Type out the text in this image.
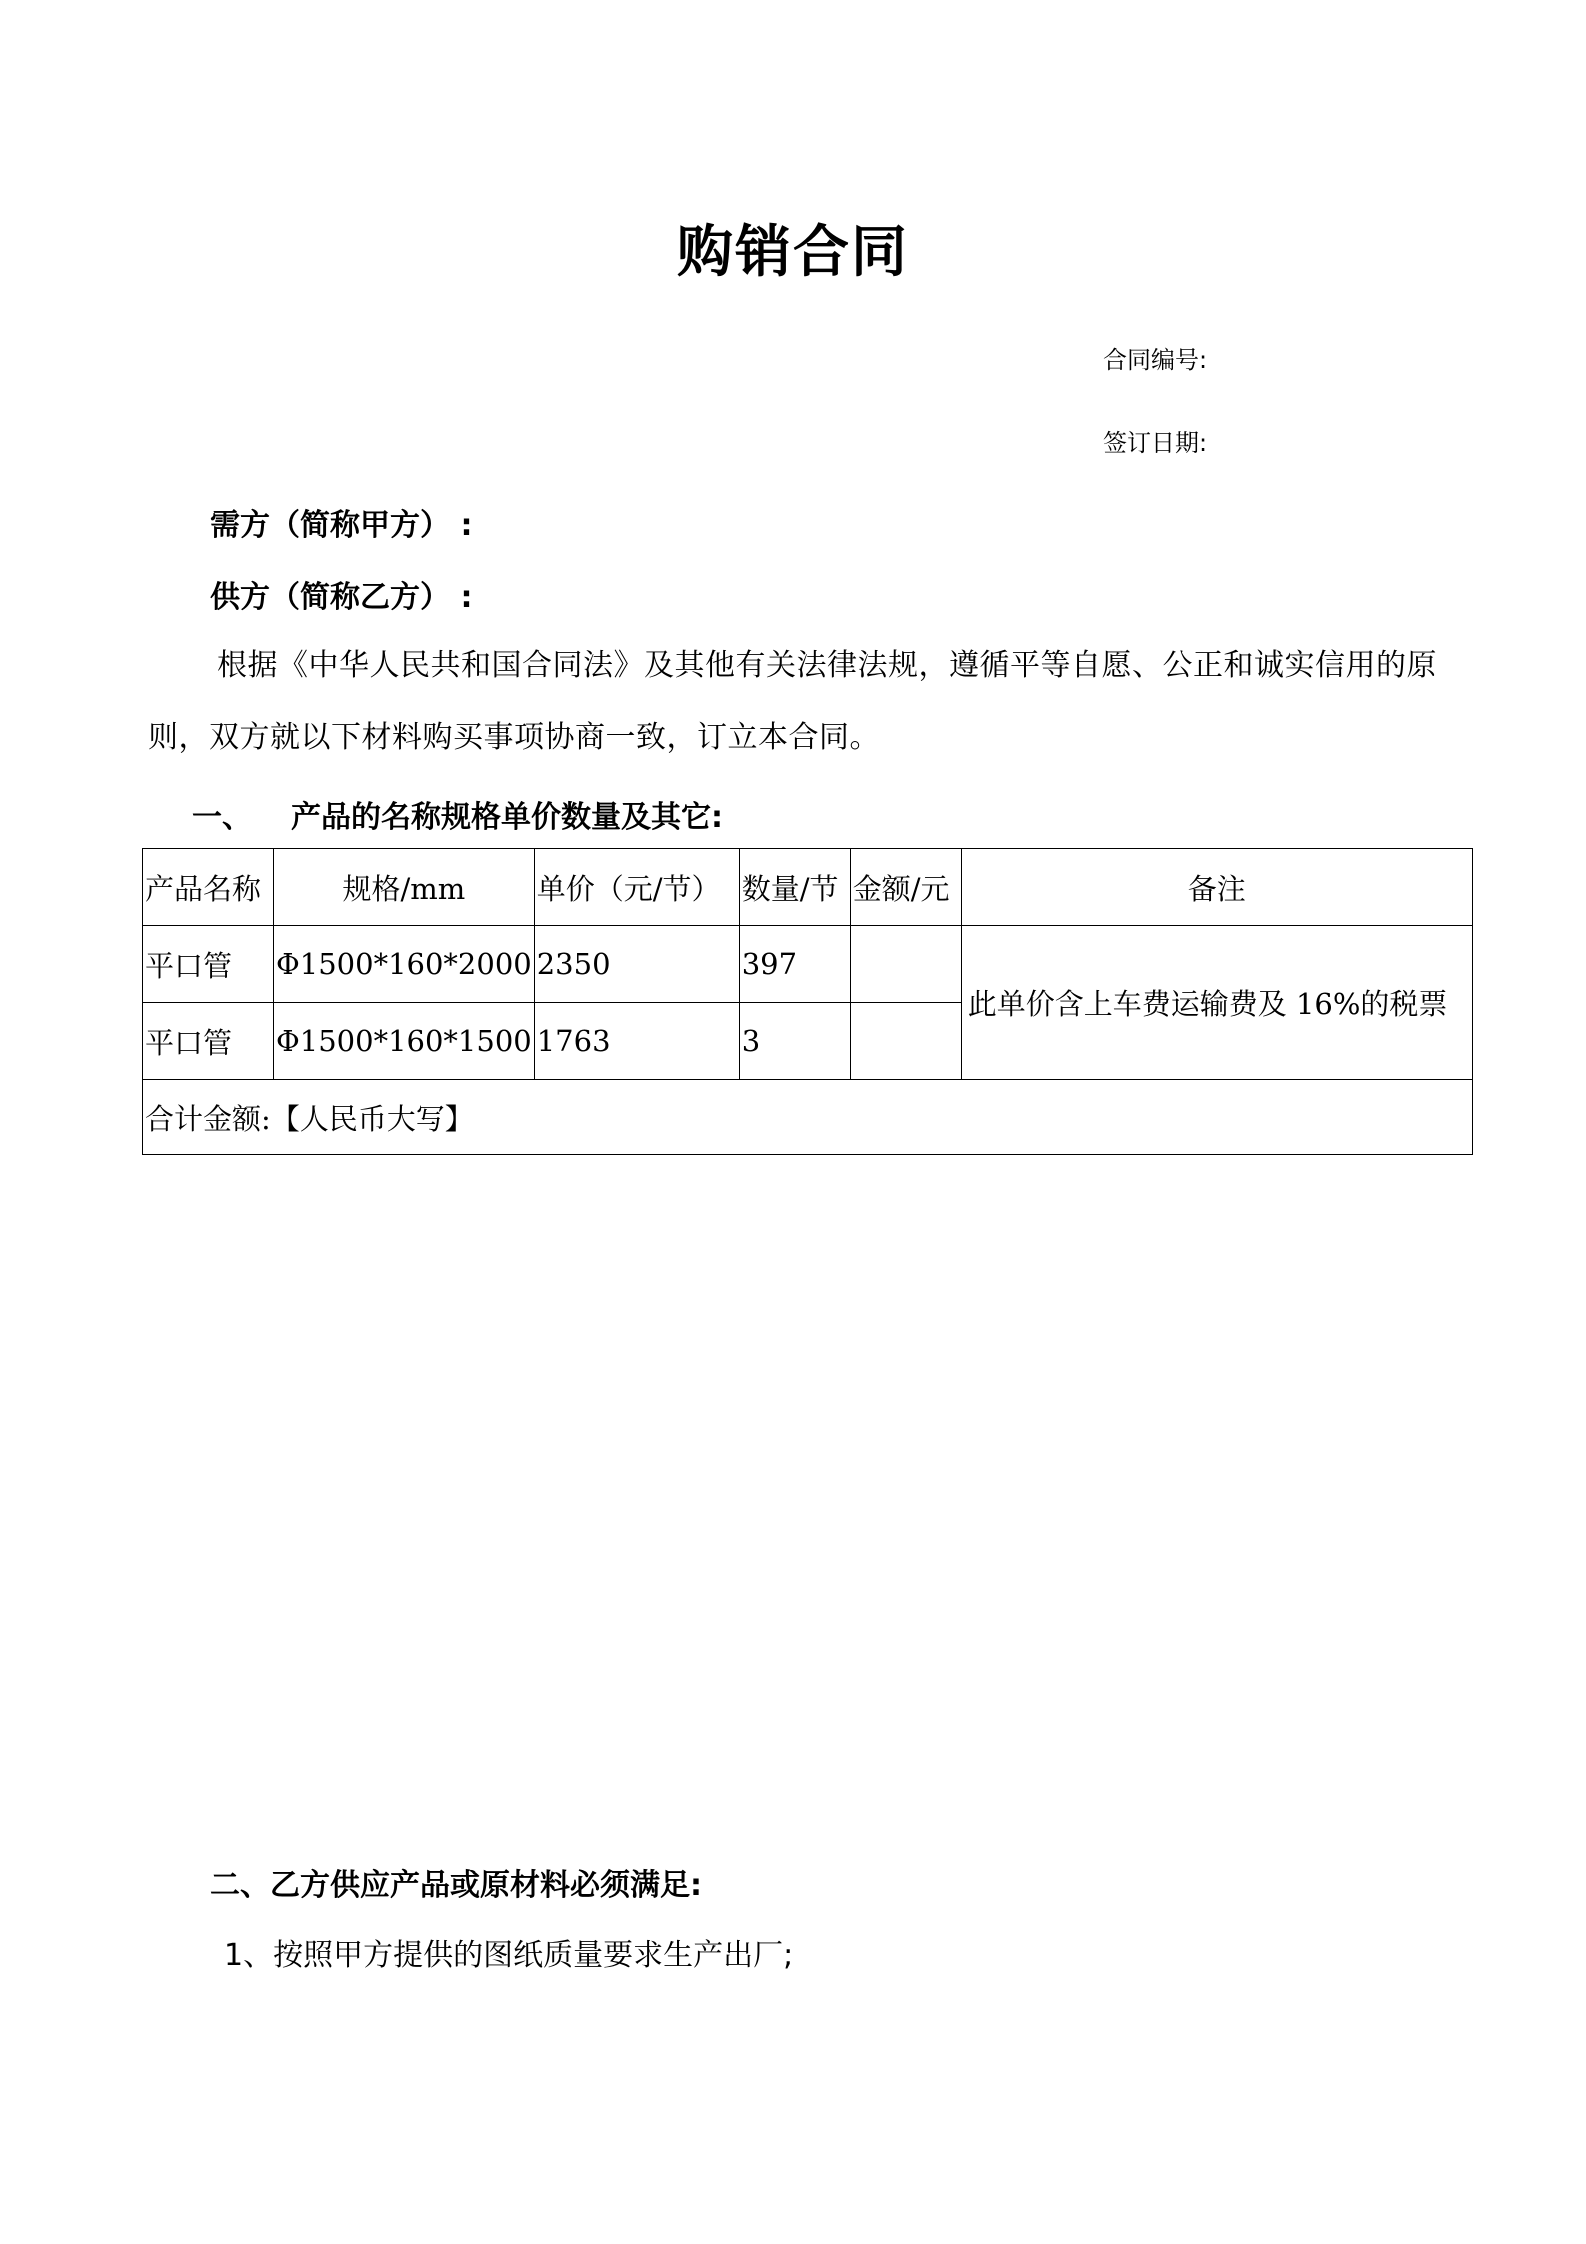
购销合同
合同编号:
签订日期:
需方（简称甲方） :
供方（简称乙方） :
根据《中华人民共和国合同法》及其他有关法律法规，遵循平等自愿、公正和诚实信用的原则，双方就以下材料购买事项协商一致，订立本合同。
一、 产品的名称规格单价数量及其它:
产品名称	规格/mm	单价（元/节）	数量/节	金额/元	备注
平口管	Φ1500*160*2000	2350	397		此单价含上车费运输费及 16%的税票
平口管	Φ1500*160*1500	1763	3		
合计金额:【人民币大写】					
二、乙方供应产品或原材料必须满足:
1、按照甲方提供的图纸质量要求生产出厂;
